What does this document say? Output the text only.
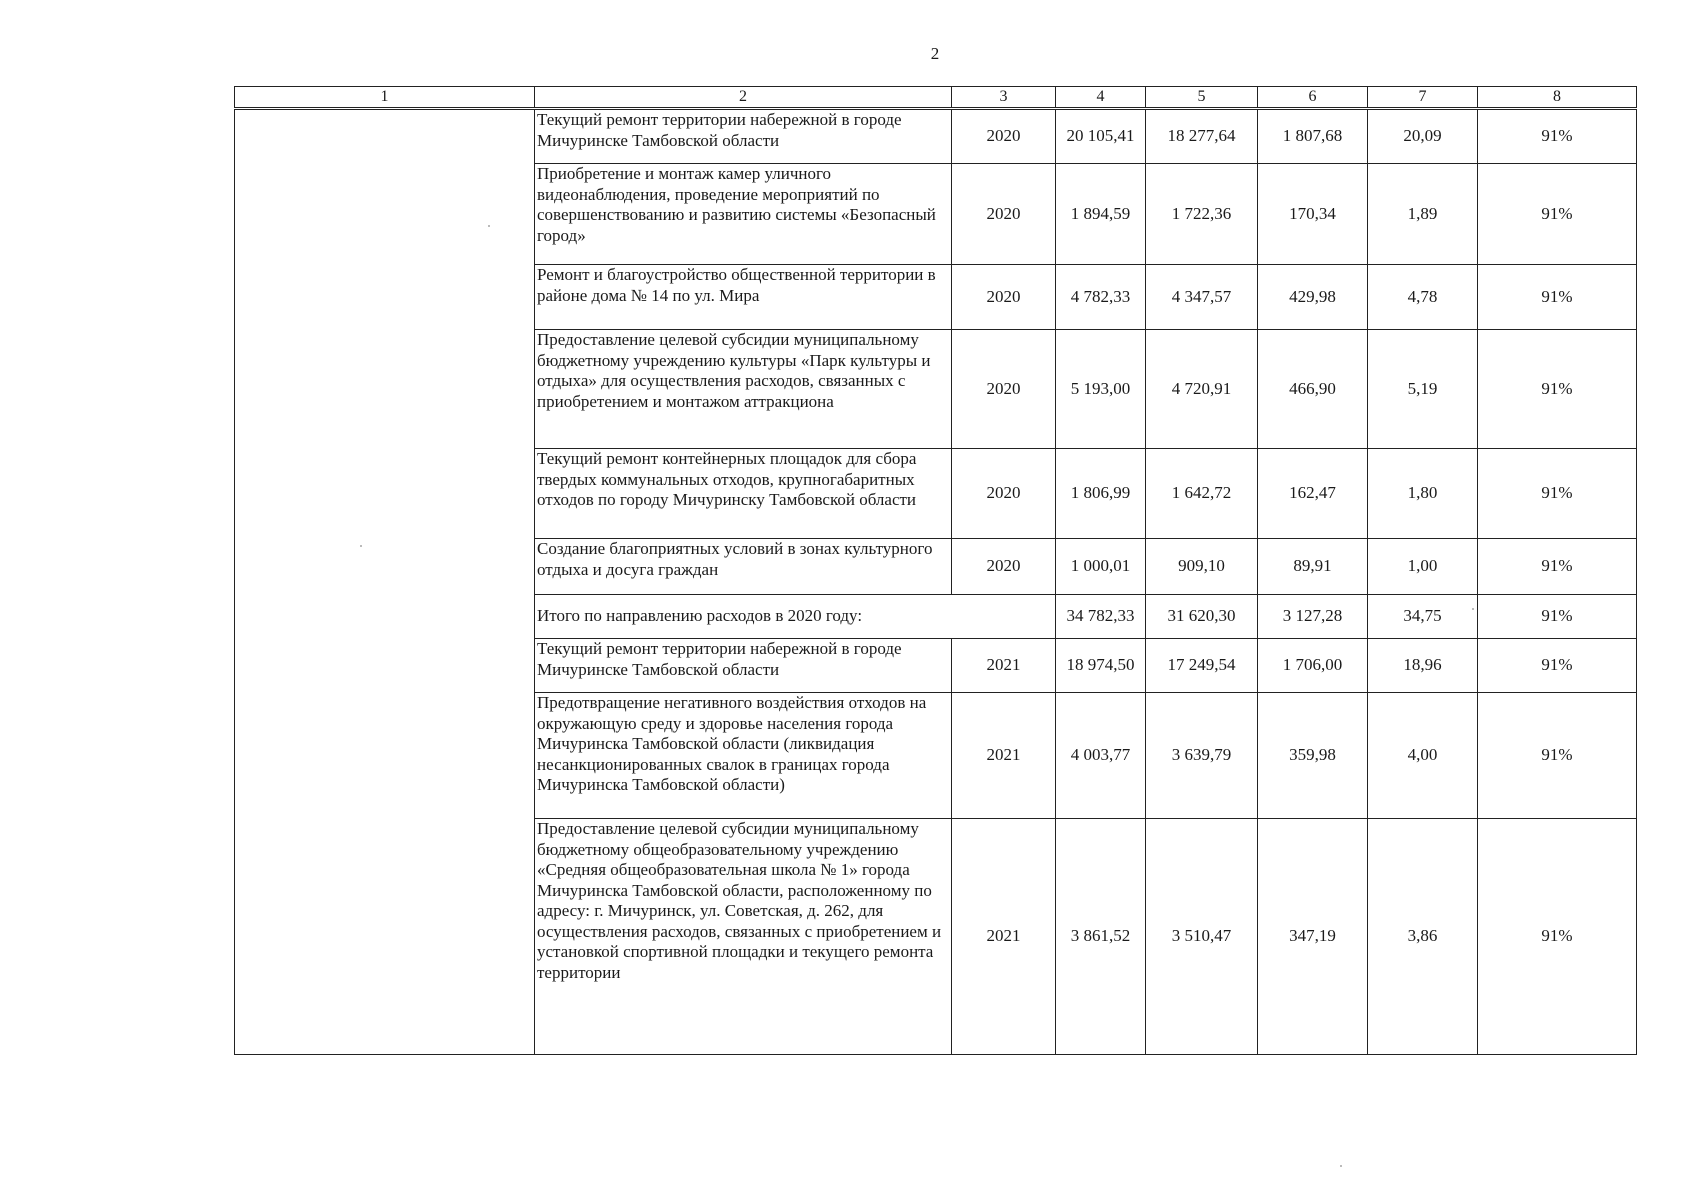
2
1	2	3	4	5	6	7	8
	Текущий ремонт территории набережной в городе Мичуринске Тамбовской области	2020	20 105,41	18 277,64	1 807,68	20,09	91%
	Приобретение и монтаж камер уличного видеонаблюдения, проведение мероприятий по совершенствованию и развитию системы «Безопасный город»	2020	1 894,59	1 722,36	170,34	1,89	91%
	Ремонт и благоустройство общественной территории в районе дома № 14 по ул. Мира	2020	4 782,33	4 347,57	429,98	4,78	91%
	Предоставление целевой субсидии муниципальному бюджетному учреждению культуры «Парк культуры и отдыха» для осуществления расходов, связанных с приобретением и монтажом аттракциона	2020	5 193,00	4 720,91	466,90	5,19	91%
	Текущий ремонт контейнерных площадок для сбора твердых коммунальных отходов, крупногабаритных отходов по городу Мичуринску Тамбовской области	2020	1 806,99	1 642,72	162,47	1,80	91%
	Создание благоприятных условий в зонах культурного отдыха и досуга граждан	2020	1 000,01	909,10	89,91	1,00	91%
	Итого по направлению расходов в 2020 году:		34 782,33	31 620,30	3 127,28	34,75	91%
	Текущий ремонт территории набережной в городе Мичуринске Тамбовской области	2021	18 974,50	17 249,54	1 706,00	18,96	91%
	Предотвращение негативного воздействия отходов на окружающую среду и здоровье населения города Мичуринска Тамбовской области (ликвидация несанкционированных свалок в границах города Мичуринска Тамбовской области)	2021	4 003,77	3 639,79	359,98	4,00	91%
	Предоставление целевой субсидии муниципальному бюджетному общеобразовательному учреждению «Средняя общеобразовательная школа № 1» города Мичуринска Тамбовской области, расположенному по адресу: г. Мичуринск, ул. Советская, д. 262, для осуществления расходов, связанных с приобретением и установкой спортивной площадки и текущего ремонта территории	2021	3 861,52	3 510,47	347,19	3,86	91%
